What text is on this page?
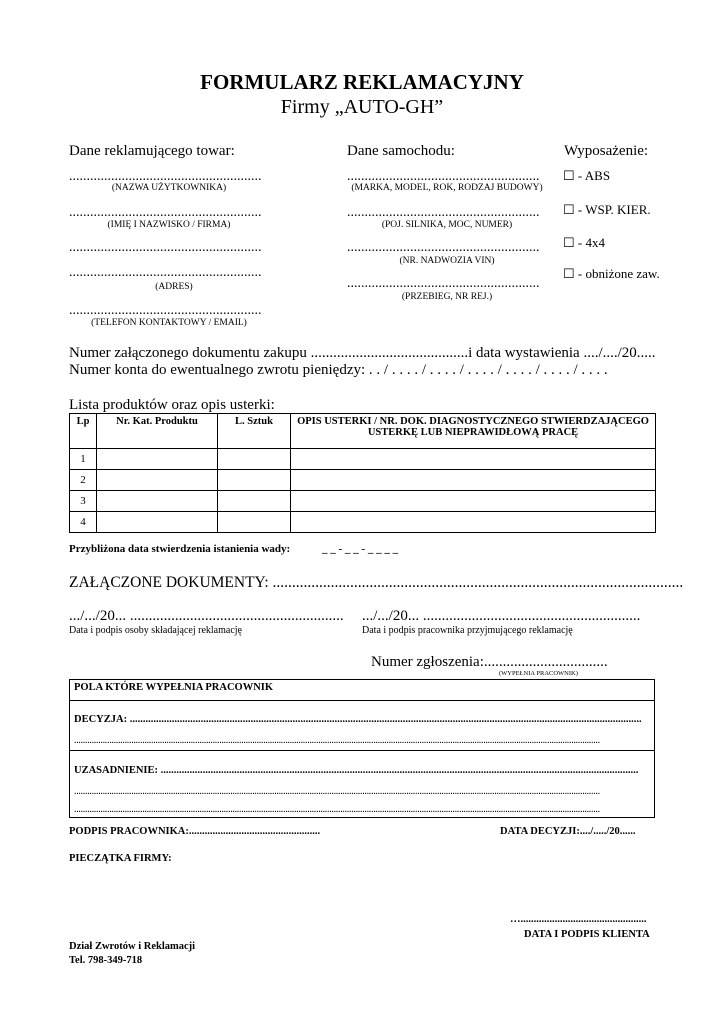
FORMULARZ REKLAMACYJNY
Firmy „AUTO-GH”
Dane reklamującego towar:
.......................................................
(NAZWA UŻYTKOWNIKA)
.......................................................
(IMIĘ I NAZWISKO / FIRMA)
.......................................................
.......................................................
(ADRES)
.......................................................
(TELEFON KONTAKTOWY / EMAIL)
Dane samochodu:
.......................................................
(MARKA, MODEL, ROK, RODZAJ BUDOWY)
.......................................................
(POJ. SILNIKA, MOC, NUMER)
.......................................................
(NR. NADWOZIA VIN)
.......................................................
(PRZEBIEG, NR REJ.)
Wyposażenie:
☐ - ABS
☐ - WSP. KIER.
☐ - 4x4
☐ - obniżone zaw.
Numer załączonego dokumentu zakupu ..........................................i data wystawienia ..../..../20.....
Numer konta do ewentualnego zwrotu pieniędzy: . . / . . . . / . . . . / . . . . / . . . . / . . . . / . . . .
Lista produktów oraz opis usterki:
Lp	Nr. Kat. Produktu	L. Sztuk	OPIS USTERKI / NR. DOK. DIAGNOSTYCZNEGO STWIERDZAJĄCEGO USTERKĘ LUB NIEPRAWIDŁOWĄ PRACĘ
1			
2			
3			
4			
Przybliżona data stwierdzenia istanienia wady:	_ _ - _ _ - _ _ _ _
ZAŁĄCZONE DOKUMENTY: ..........................................................................................................
.../.../20... .........................................................
Data i podpis osoby składającej reklamację
.../.../20... ..........................................................
Data i podpis pracownika przyjmującego reklamację
Numer zgłoszenia:.................................
(WYPEŁNIA PRACOWNIK)
POLA KTÓRE WYPEŁNIA PRACOWNIK
DECYZJA: ...................................................................................................................................................................................................
...............................................................................................................................................................................................................................................
UZASADNIENIE: ......................................................................................................................................................................................
...............................................................................................................................................................................................................................................
...............................................................................................................................................................................................................................................
PODPIS PRACOWNIKA:..................................................	DATA DECYZJI:..../...../20......
PIECZĄTKA FIRMY:
…................................................
DATA I PODPIS KLIENTA
Dział Zwrotów i Reklamacji
Tel. 798-349-718
